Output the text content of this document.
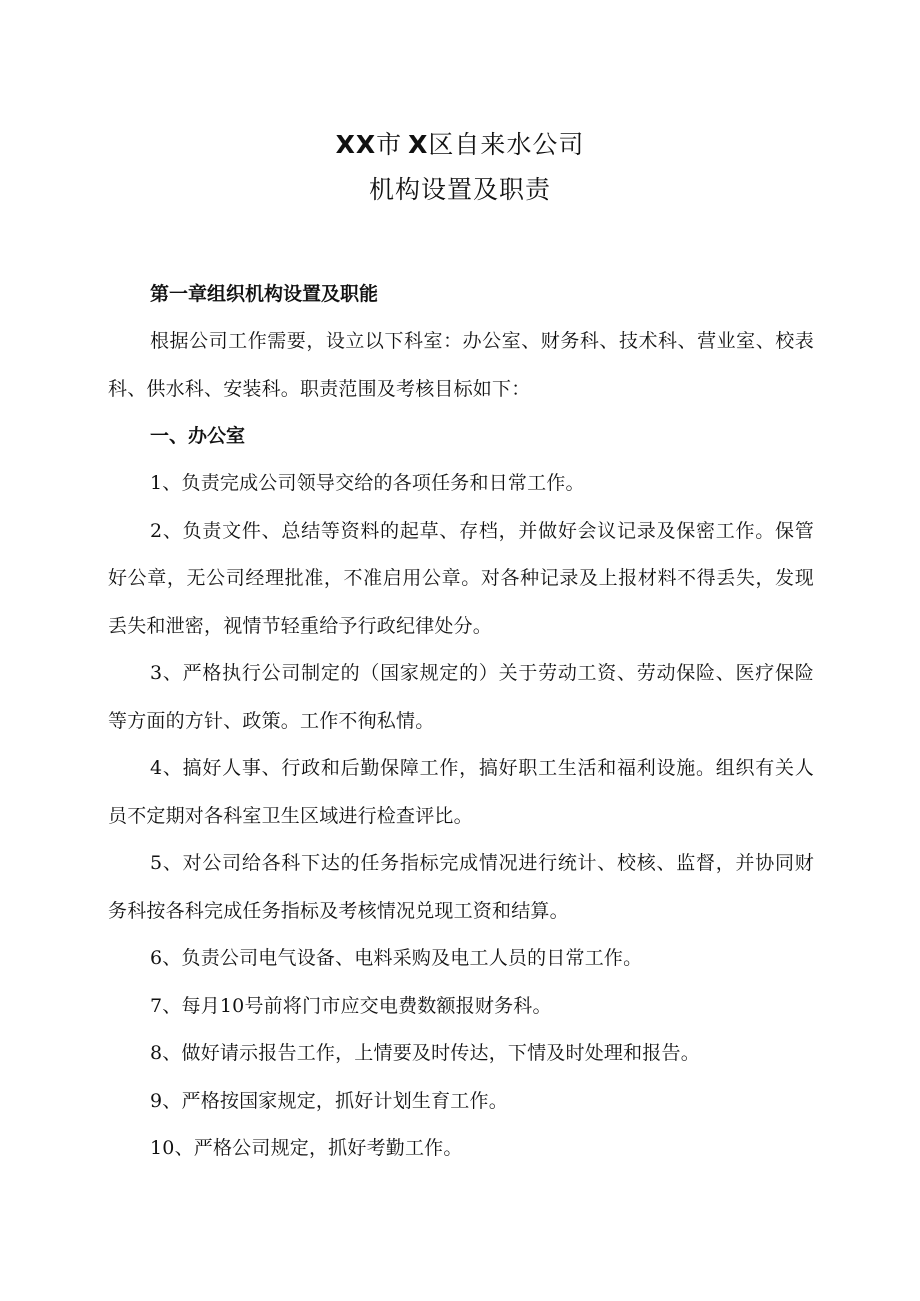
XX市 X区自来水公司
机构设置及职责

第一章组织机构设置及职能

根据公司工作需要，设立以下科室：办公室、财务科、技术科、营业室、校表科、供水科、安装科。职责范围及考核目标如下：

一、办公室

1、负责完成公司领导交给的各项任务和日常工作。

2、负责文件、总结等资料的起草、存档，并做好会议记录及保密工作。保管好公章，无公司经理批准，不准启用公章。对各种记录及上报材料不得丢失，发现丢失和泄密，视情节轻重给予行政纪律处分。

3、严格执行公司制定的（国家规定的）关于劳动工资、劳动保险、医疗保险等方面的方针、政策。工作不徇私情。

4、搞好人事、行政和后勤保障工作，搞好职工生活和福利设施。组织有关人员不定期对各科室卫生区域进行检查评比。

5、对公司给各科下达的任务指标完成情况进行统计、校核、监督，并协同财务科按各科完成任务指标及考核情况兑现工资和结算。

6、负责公司电气设备、电料采购及电工人员的日常工作。

7、每月10号前将门市应交电费数额报财务科。

8、做好请示报告工作，上情要及时传达，下情及时处理和报告。

9、严格按国家规定，抓好计划生育工作。

10、严格公司规定，抓好考勤工作。
